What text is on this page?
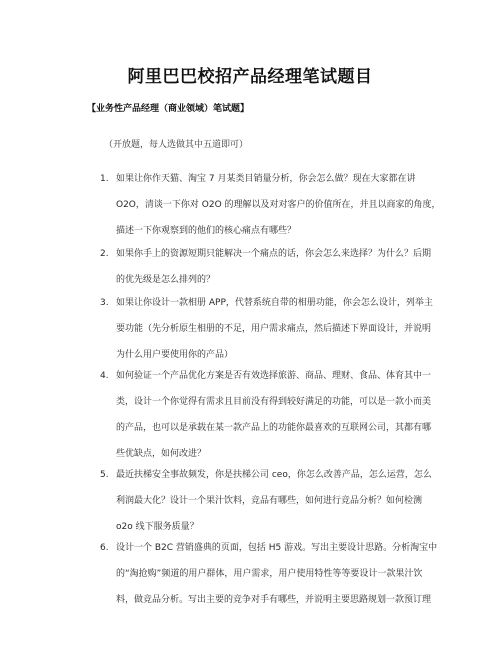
阿里巴巴校招产品经理笔试题目
【业务性产品经理（商业领域）笔试题】
（开放题，每人选做其中五道即可）
1. 如果让你作天猫、淘宝 7 月某类目销量分析，你会怎么做？现在大家都在讲
O2O，清谈一下你对 O2O 的理解以及对对客户的价值所在，并且以商家的角度，
描述一下你观察到的他们的核心痛点有哪些？
2. 如果你手上的资源短期只能解决一个痛点的话，你会怎么来选择？为什么？后期
的优先级是怎么排列的？
3. 如果让你设计一款相册 APP，代替系统自带的相册功能，你会怎么设计，列举主
要功能（先分析原生相册的不足，用户需求痛点，然后描述下界面设计，并说明
为什么用户要使用你的产品）
4. 如何验证一个产品优化方案是否有效选择旅游、商品、理财、食品、体育其中一
类，设计一个你觉得有需求且目前没有得到较好满足的功能，可以是一款小而美
的产品，也可以是承载在某一款产品上的功能你最喜欢的互联网公司，其都有哪
些优缺点，如何改进？
5. 最近扶梯安全事故频发，你是扶梯公司 ceo，你怎么改善产品，怎么运营，怎么
利润最大化？设计一个果汁饮料，竞品有哪些，如何进行竞品分析？如何检测
o2o 线下服务质量？
6. 设计一个 B2C 营销盛典的页面，包括 H5 游戏。写出主要设计思路。分析淘宝中
的“淘抢购”频道的用户群体，用户需求，用户使用特性等等要设计一款果汁饮
料，做竞品分析。写出主要的竞争对手有哪些，并说明主要思路规划一款预订理
